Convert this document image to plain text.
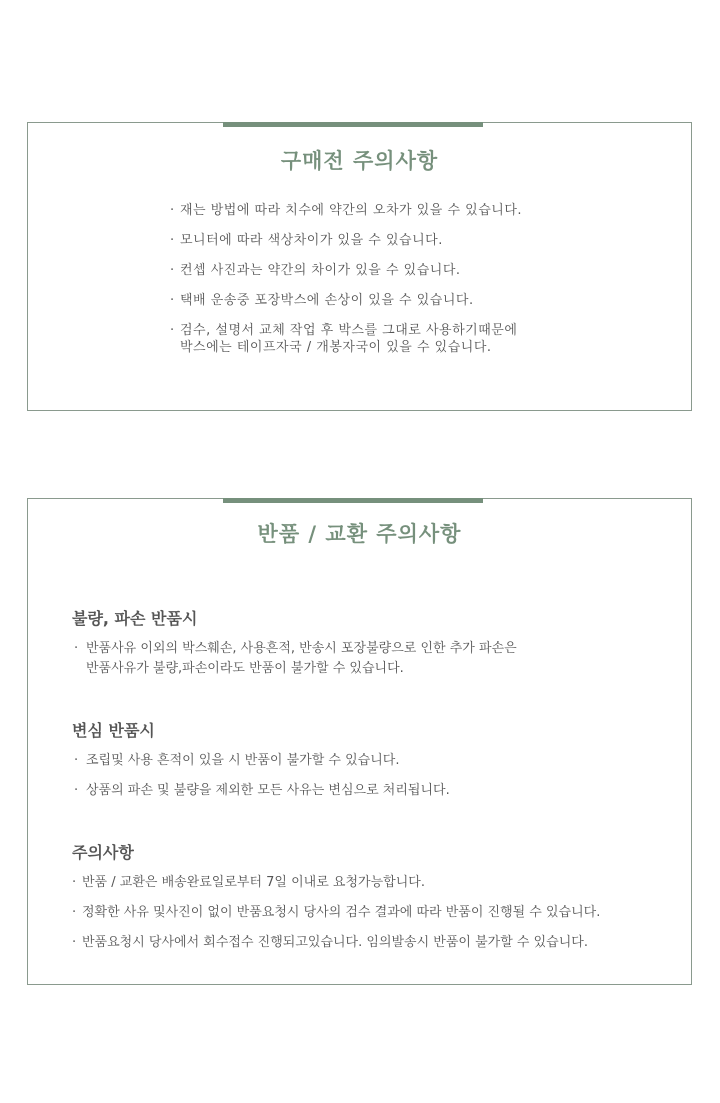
구매전 주의사항
· 재는 방법에 따라 치수에 약간의 오차가 있을 수 있습니다.
· 모니터에 따라 색상차이가 있을 수 있습니다.
· 컨셉 사진과는 약간의 차이가 있을 수 있습니다.
· 택배 운송중 포장박스에 손상이 있을 수 있습니다.
· 검수, 설명서 교체 작업 후 박스를 그대로 사용하기때문에
박스에는 테이프자국 / 개봉자국이 있을 수 있습니다.
반품 / 교환 주의사항
불량, 파손 반품시
· 반품사유 이외의 박스훼손, 사용흔적, 반송시 포장불량으로 인한 추가 파손은
반품사유가 불량,파손이라도 반품이 불가할 수 있습니다.
변심 반품시
· 조립및 사용 흔적이 있을 시 반품이 불가할 수 있습니다.
· 상품의 파손 및 불량을 제외한 모든 사유는 변심으로 처리됩니다.
주의사항
· 반품 / 교환은 배송완료일로부터 7일 이내로 요청가능합니다.
· 정확한 사유 및사진이 없이 반품요청시 당사의 검수 결과에 따라 반품이 진행될 수 있습니다.
· 반품요청시 당사에서 회수접수 진행되고있습니다. 임의발송시 반품이 불가할 수 있습니다.
